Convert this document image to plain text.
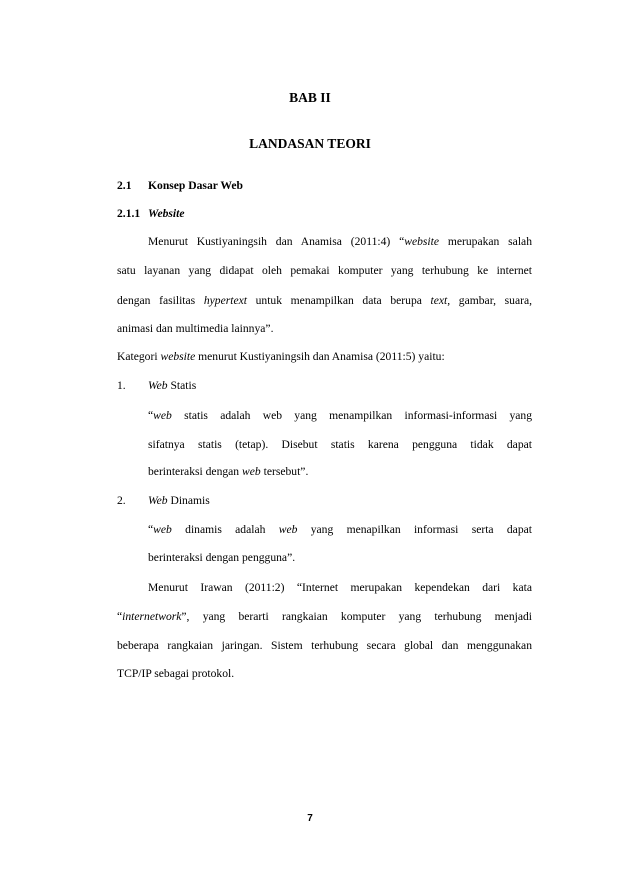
BAB II
LANDASAN TEORI
2.1 Konsep Dasar Web
2.1.1 Website
Menurut Kustiyaningsih dan Anamisa (2011:4) “website merupakan salah
satu layanan yang didapat oleh pemakai komputer yang terhubung ke internet
dengan fasilitas hypertext untuk menampilkan data berupa text, gambar, suara,
animasi dan multimedia lainnya”.
Kategori website menurut Kustiyaningsih dan Anamisa (2011:5) yaitu:
1. Web Statis
“web statis adalah web yang menampilkan informasi-informasi yang
sifatnya statis (tetap). Disebut statis karena pengguna tidak dapat
berinteraksi dengan web tersebut”.
2. Web Dinamis
“web dinamis adalah web yang menapilkan informasi serta dapat
berinteraksi dengan pengguna”.
Menurut Irawan (2011:2) “Internet merupakan kependekan dari kata
“internetwork”, yang berarti rangkaian komputer yang terhubung menjadi
beberapa rangkaian jaringan. Sistem terhubung secara global dan menggunakan
TCP/IP sebagai protokol.
7
